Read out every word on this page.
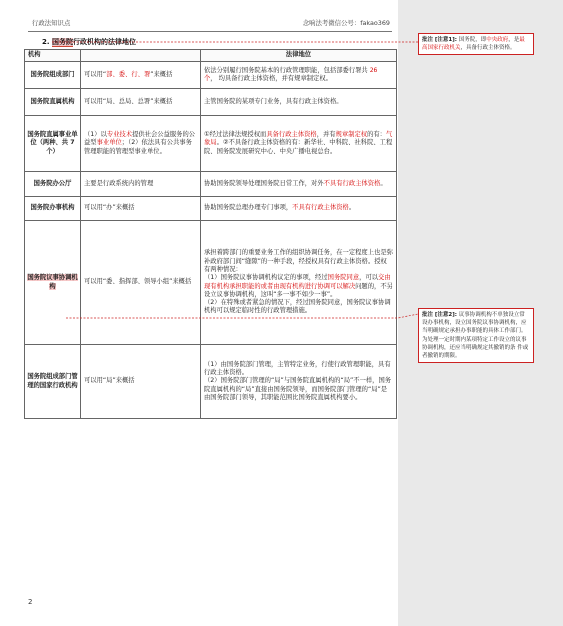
行政法知识点	念响法考微信公号：fakao369
2. 国务院行政机构的法律地位
机构		法律地位
国务院组成部门	可以用“部、委、行、署”来概括	依法分别履行国务院基本的行政管理职能，包括部委行署共 26 个， 均具备行政主体资格，并有规章制定权。
国务院直属机构	可以用“局、总局、总署”来概括	主管国务院的某项专门业务，具有行政主体资格。
国务院直属事业单位（两种、共 7 个）	（1）以专业技术提供社会公益服务的公益型事业单位；（2）依法具有公共事务管理职能的管理型事业单位。	①经过法律法规授权而具备行政主体资格，并有规章制定权的有：气象局。②不具备行政主体资格的有：新华社、中科院、社科院、工程院、国务院发展研究中心、中央广播电视总台。
国务院办公厅	主要是行政系统内的管理	协助国务院领导处理国务院日常工作，对外不具有行政主体资格。
国务院办事机构	可以用“办”来概括	协助国务院总理办理专门事项，不具有行政主体资格。
国务院议事协调机构	可以用“委、指挥部、领导小组”来概括	承担着跨部门的重要业务工作的组织协调任务，在一定程度上也是弥补政府部门间“缝隙”的一种手段，经授权具有行政主体资格。授权有两种情况：
（1）国务院议事协调机构议定的事项，经过国务院同意，可以交由现有机构承担职能的或者由现有机构进行协调可以解决问题的，不另设立议事协调机构，这叫“多一事不如少一事”。
（2）在特殊或者紧急的情况下，经过国务院同意，国务院议事协调机构可以规定临时性的行政管理措施。
国务院组成部门管理的国家行政机构	可以用“局”来概括	（1）由国务院部门管理，主管特定业务，行使行政管理职能，具有行政主体资格。
（2）国务院部门管理的“局”与国务院直属机构的“局”不一样，国务院直属机构的“局”直接由国务院领导，而国务院部门管理的“局”是由国务院部门领导，其职能范围比国务院直属机构要小。
2
批注 [注意1]: 国务院，即中央政府，是最高国家行政机关，具备行政主体资格。
批注 [注意2]: 议事协调机构不单独设立常设办事机构，设立国务院议事协调机构，应当明确规定承担办事职能的具体工作部门。为处理一定时期内某项特定工作设立的议事协调机构，还应当明确规定其撤销的条 件或者撤销的期限。
